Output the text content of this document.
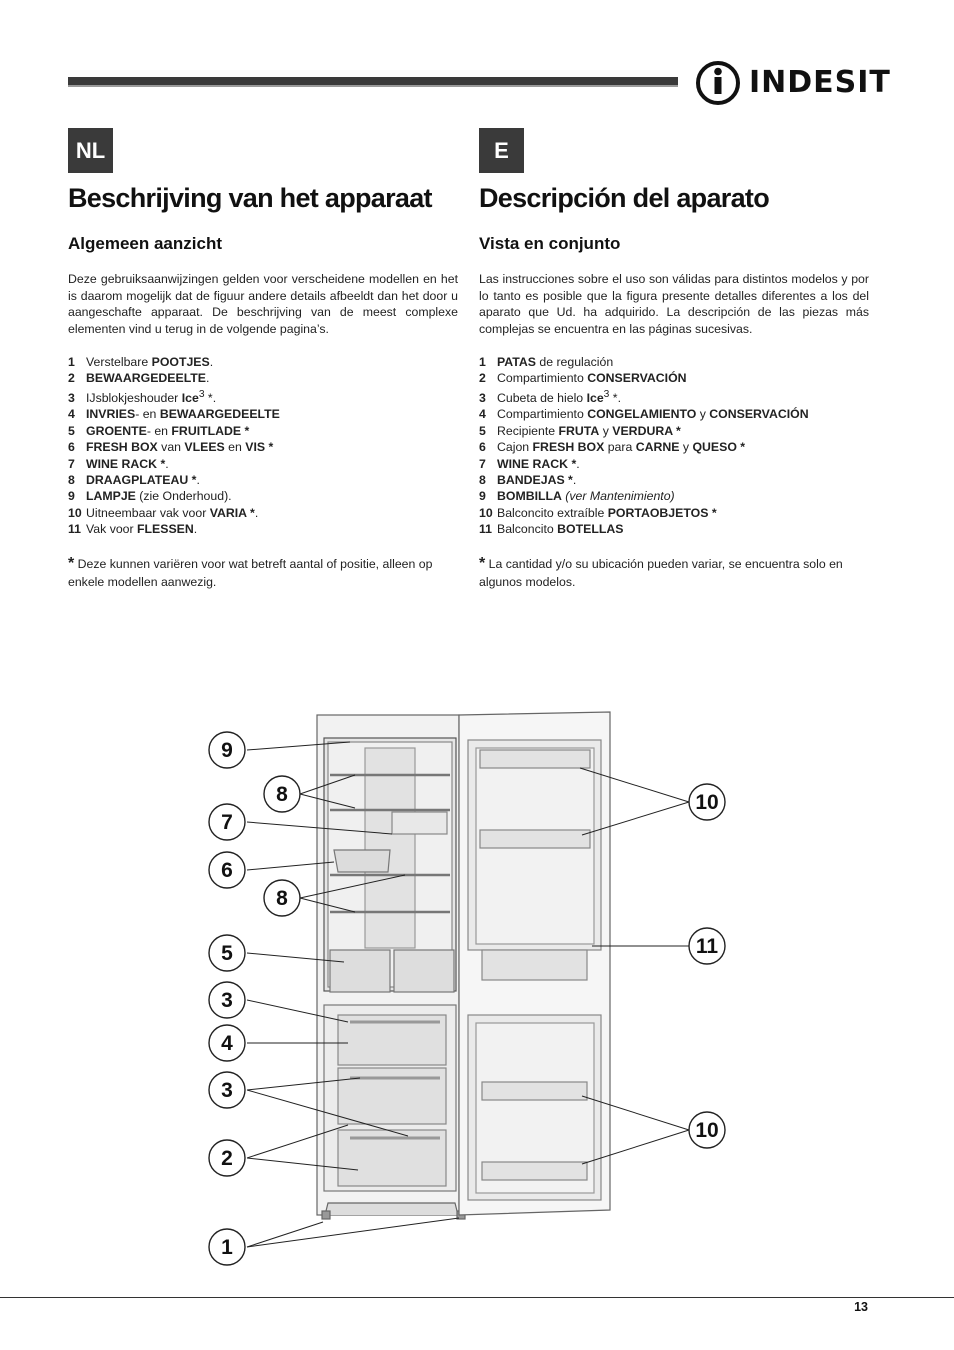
INDESIT
NL
Beschrijving van het apparaat
Algemeen aanzicht

Deze gebruiksaanwijzingen gelden voor verscheidene modellen en het is daarom mogelijk dat de figuur andere details afbeeldt dan het door u aangeschafte apparaat. De beschrijving van de meest complexe elementen vind u terug in de volgende pagina’s.

1 Verstelbare POOTJES.
2 BEWAARGEDEELTE.
3 IJsblokjeshouder Ice$^3$ *.
4 INVRIES- en BEWAARGEDEELTE
5 GROENTE- en FRUITLADE *
6 FRESH BOX van VLEES en VIS *
7 WINE RACK *.
8 DRAAGPLATEAU *.
9 LAMPJE (zie Onderhoud).
10 Uitneembaar vak voor VARIA *.
11 Vak voor FLESSEN.

* Deze kunnen variëren voor wat betreft aantal of positie, alleen op enkele modellen aanwezig.

E
Descripción del aparato
Vista en conjunto

Las instrucciones sobre el uso son válidas para distintos modelos y por lo tanto es posible que la figura presente detalles diferentes a los del aparato que Ud. ha adquirido. La descripción de las piezas más complejas se encuentra en las páginas sucesivas.

1 PATAS de regulación
2 Compartimiento CONSERVACIÓN
3 Cubeta de hielo Ice$^3$ *.
4 Compartimiento CONGELAMIENTO y CONSERVACIÓN
5 Recipiente FRUTA y VERDURA *
6 Cajon FRESH BOX para CARNE y QUESO *
7 WINE RACK *.
8 BANDEJAS *.
9 BOMBILLA (ver Mantenimiento)
10 Balconcito extraíble PORTAOBJETOS *
11 Balconcito BOTELLAS

* La cantidad y/o su ubicación pueden variar, se encuentra solo en algunos modelos.

9
8
7
6
8
5
3
4
3
2
1
10
11
10
13
